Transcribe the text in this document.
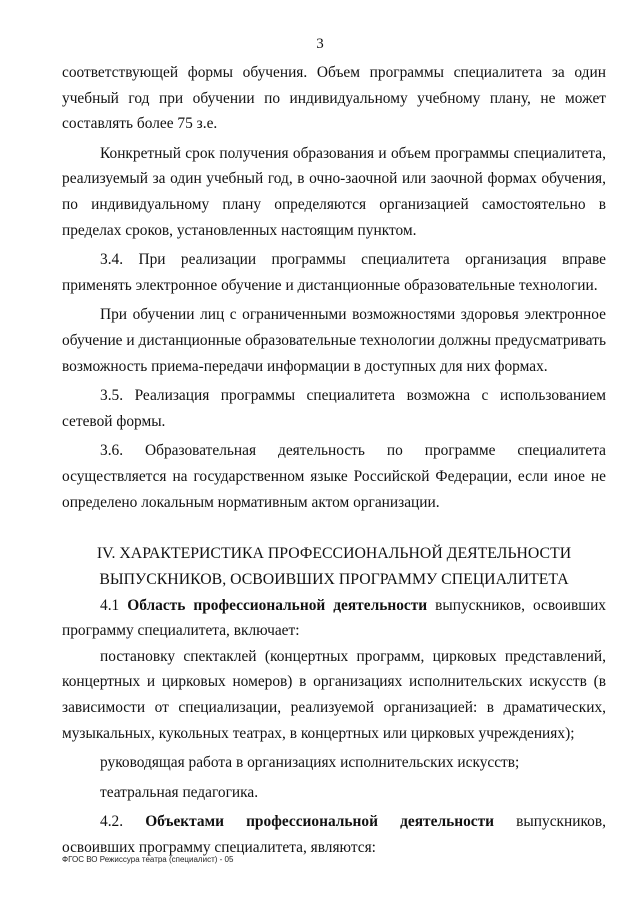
3

соответствующей формы обучения. Объем программы специалитета за один учебный год при обучении по индивидуальному учебному плану, не может составлять более 75 з.е.

Конкретный срок получения образования и объем программы специалитета, реализуемый за один учебный год, в очно-заочной или заочной формах обучения, по индивидуальному плану определяются организацией самостоятельно в пределах сроков, установленных настоящим пунктом.

3.4. При реализации программы специалитета организация вправе применять электронное обучение и дистанционные образовательные технологии.

При обучении лиц с ограниченными возможностями здоровья электронное обучение и дистанционные образовательные технологии должны предусматривать возможность приема-передачи информации в доступных для них формах.

3.5. Реализация программы специалитета возможна с использованием сетевой формы.

3.6. Образовательная деятельность по программе специалитета осуществляется на государственном языке Российской Федерации, если иное не определено локальным нормативным актом организации.

IV. ХАРАКТЕРИСТИКА ПРОФЕССИОНАЛЬНОЙ ДЕЯТЕЛЬНОСТИ
ВЫПУСКНИКОВ, ОСВОИВШИХ ПРОГРАММУ СПЕЦИАЛИТЕТА

4.1 Область профессиональной деятельности выпускников, освоивших программу специалитета, включает:

постановку спектаклей (концертных программ, цирковых представлений, концертных и цирковых номеров) в организациях исполнительских искусств (в зависимости от специализации, реализуемой организацией: в драматических, музыкальных, кукольных театрах, в концертных или цирковых учреждениях);

руководящая работа в организациях исполнительских искусств;

театральная педагогика.

4.2. Объектами профессиональной деятельности выпускников, освоивших программу специалитета, являются:

ФГОС ВО Режиссура театра (специалист) - 05
